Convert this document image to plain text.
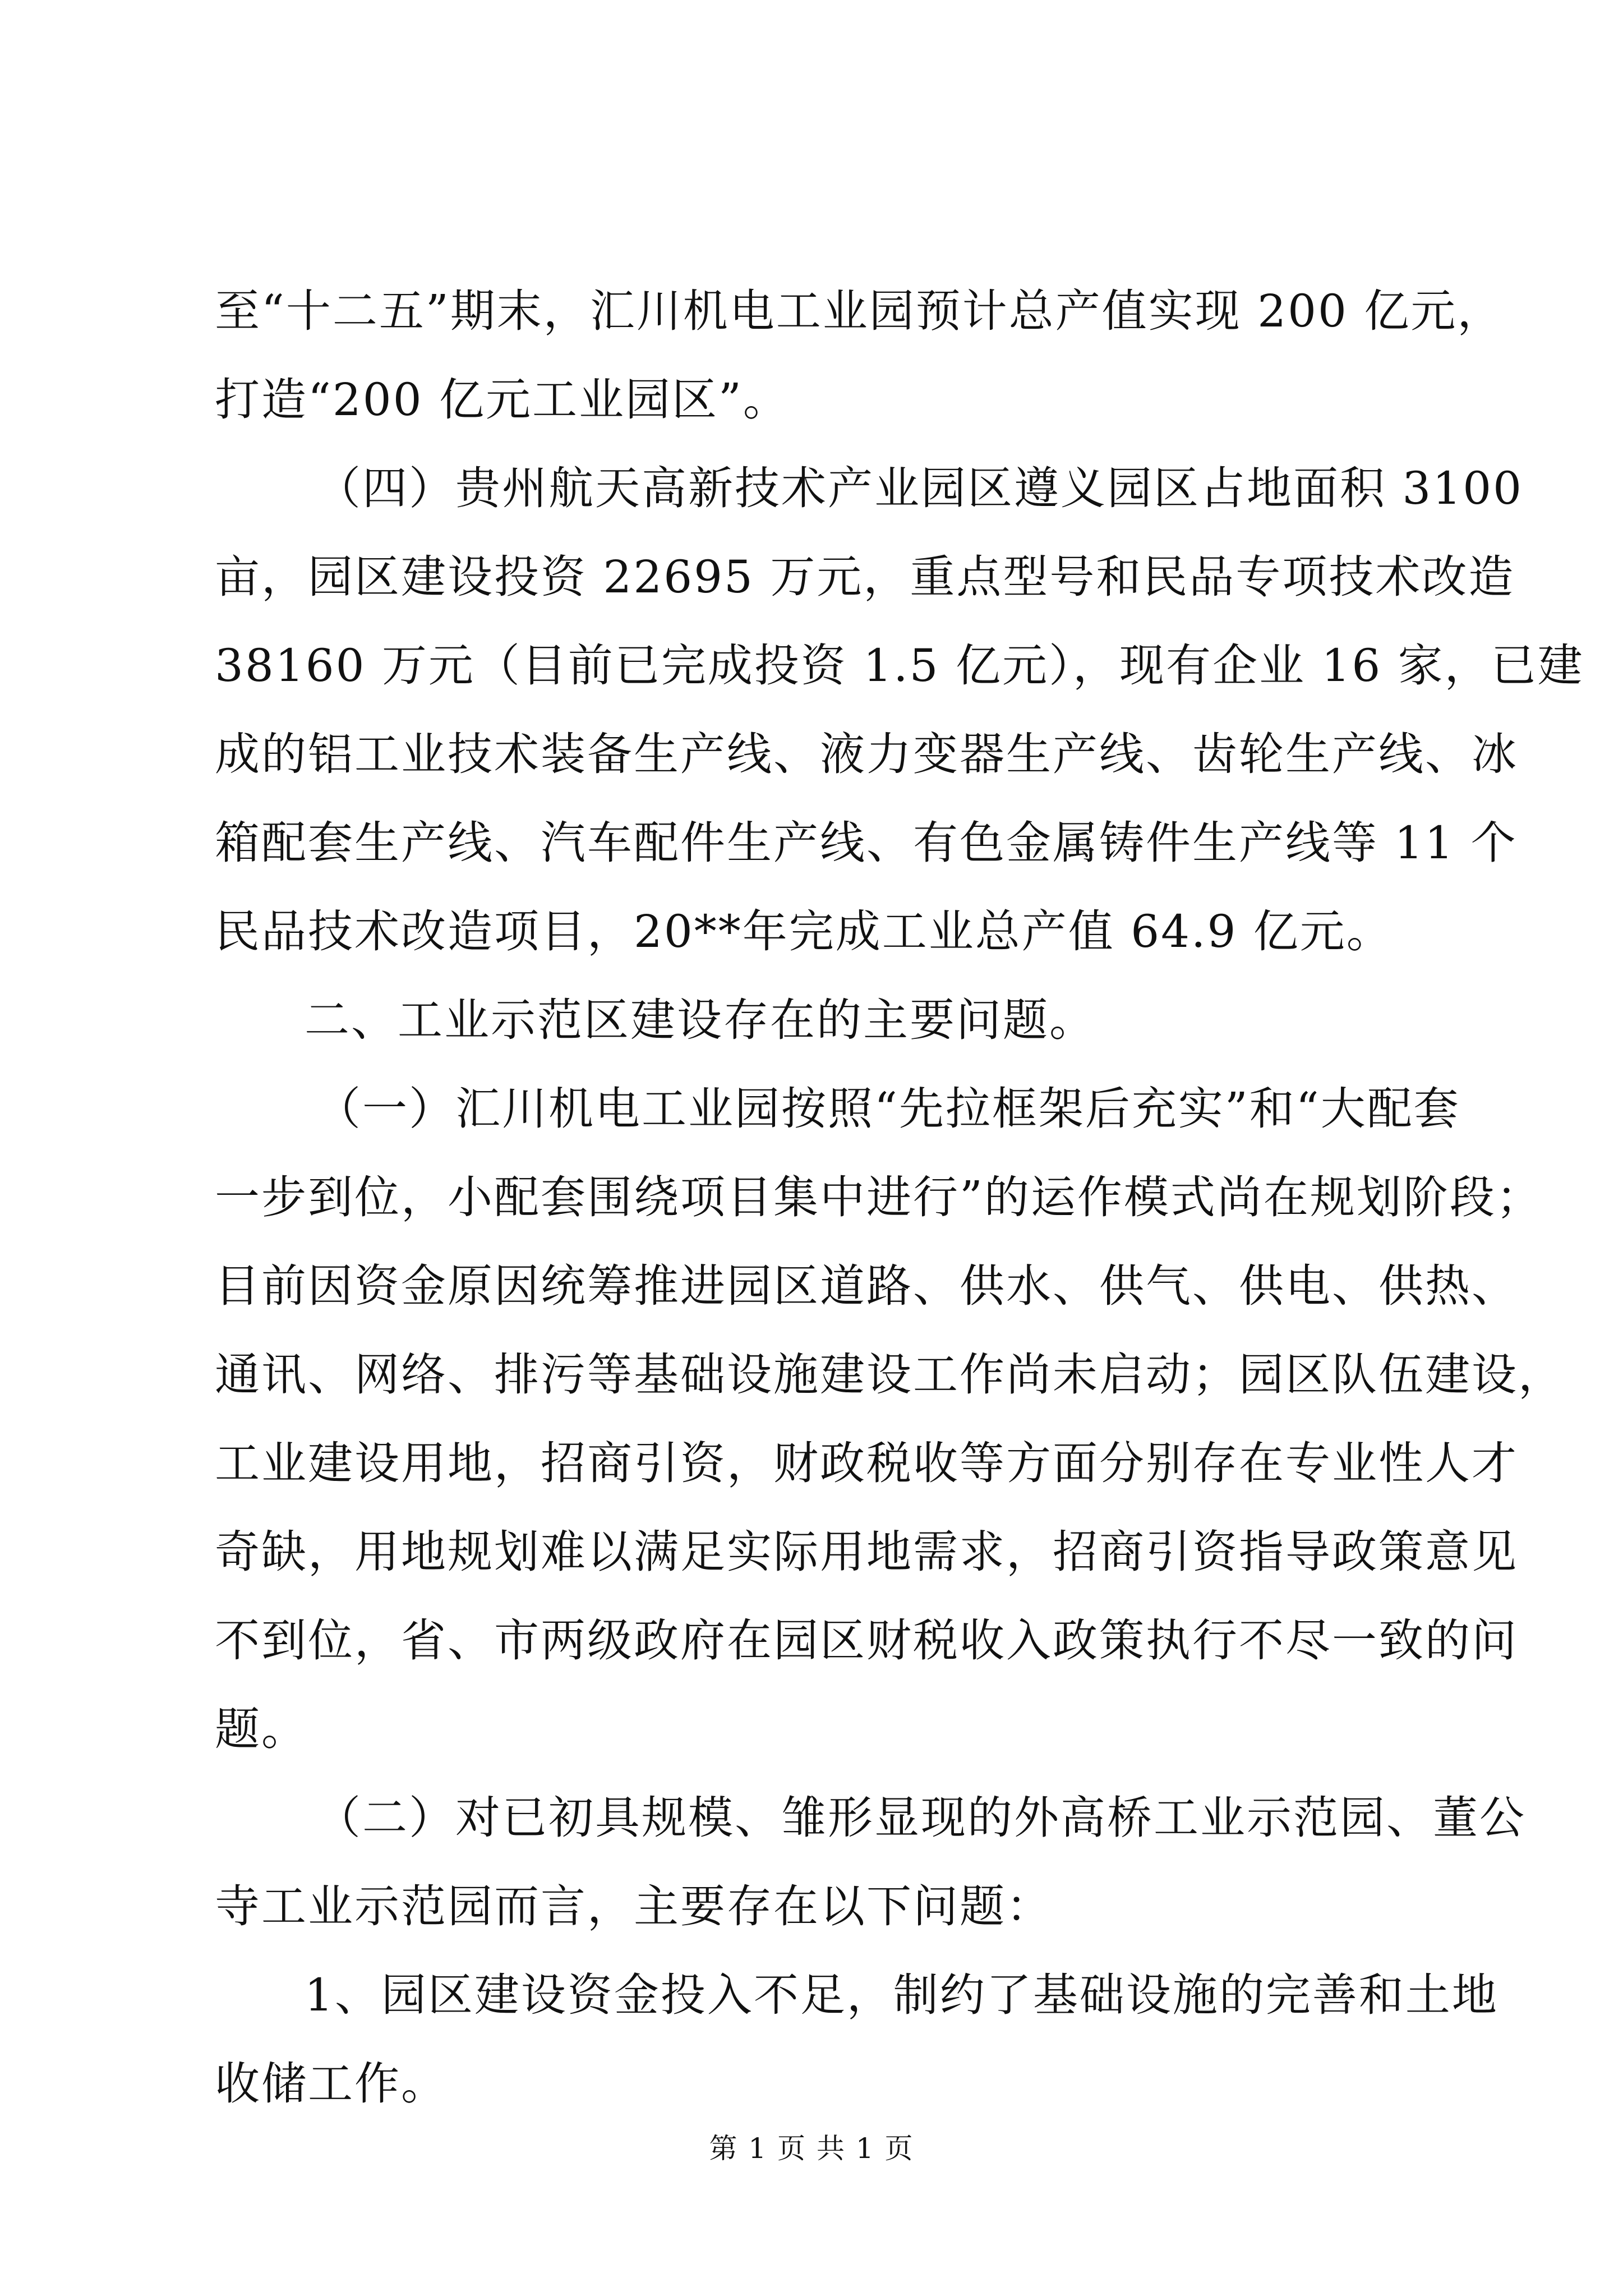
至“十二五”期末，汇川机电工业园预计总产值实现 200 亿元，
打造“200 亿元工业园区”。
（四）贵州航天高新技术产业园区遵义园区占地面积 3100
亩，园区建设投资 22695 万元，重点型号和民品专项技术改造
38160 万元（目前已完成投资 1.5 亿元），现有企业 16 家，已建
成的铝工业技术装备生产线、液力变器生产线、齿轮生产线、冰
箱配套生产线、汽车配件生产线、有色金属铸件生产线等 11 个
民品技术改造项目，20**年完成工业总产值 64.9 亿元。
二、工业示范区建设存在的主要问题。
（一）汇川机电工业园按照“先拉框架后充实”和“大配套
一步到位，小配套围绕项目集中进行”的运作模式尚在规划阶段；
目前因资金原因统筹推进园区道路、供水、供气、供电、供热、
通讯、网络、排污等基础设施建设工作尚未启动；园区队伍建设，
工业建设用地，招商引资，财政税收等方面分别存在专业性人才
奇缺，用地规划难以满足实际用地需求，招商引资指导政策意见
不到位，省、市两级政府在园区财税收入政策执行不尽一致的问
题。
（二）对已初具规模、雏形显现的外高桥工业示范园、董公
寺工业示范园而言，主要存在以下问题：
1、园区建设资金投入不足，制约了基础设施的完善和土地
收储工作。
第 1 页 共 1 页
